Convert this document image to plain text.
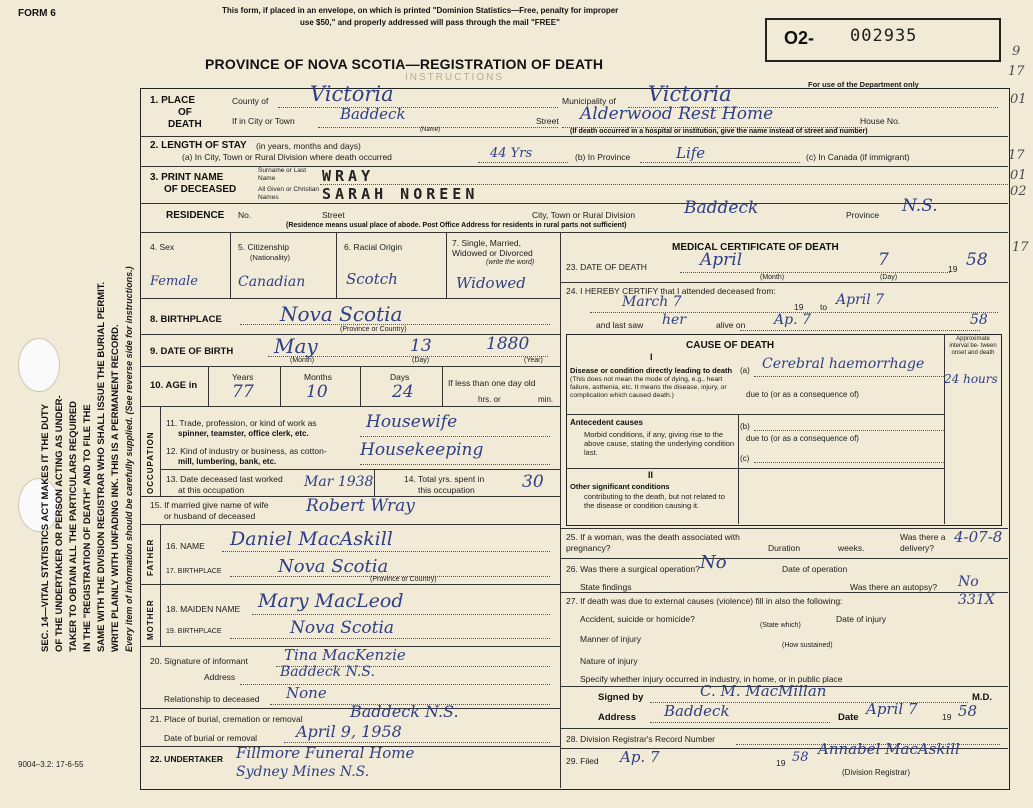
SEC. 14—VITAL STATISTICS ACT MAKES IT THE DUTY OF THE UNDERTAKER OR PERSON ACTING AS UNDER- TAKER TO OBTAIN ALL THE PARTICULARS REQUIRED IN THE "REGISTRATION OF DEATH" AND TO FILE THE SAME WITH THE DIVISION REGISTRAR WHO SHALL ISSUE THE BURIAL PERMIT. WRITE PLAINLY WITH UNFADING INK. THIS IS A PERMANENT RECORD. Every item of information should be carefully supplied. (See reverse side for instructions.)
FORM 6	This form, if placed in an envelope, on which is printed "Dominion Statistics—Free, penalty for improper
use $50," and properly addressed will pass through the mail "FREE"
PROVINCE OF NOVA SCOTIA—REGISTRATION OF DEATH
INSTRUCTIONS
O2- 002935
For use of the Department only
1. PLACE
OF
DEATH
County of Victoria	Municipality of Victoria
If in City or Town	Baddeck
(Name)
Street Alderwood Rest Home	House No.
(If death occurred in a hospital or institution, give the name instead of street and number)
2. LENGTH OF STAY (in years, months and days)
(a) In City, Town or Rural Division where death occurred	44 Yrs	(b) In Province	Life	(c) In Canada (if immigrant)
3. PRINT NAME
OF DECEASED
Surname or Last Name	WRAY
All Given or Christian Names	SARAH NOREEN
RESIDENCE No.	Street	City, Town or Rural Division	Baddeck	Province N.S.
(Residence means usual place of abode. Post Office Address for residents in rural parts not sufficient)
4. Sex
Female
5. Citizenship
(Nationality)
Canadian
6. Racial Origin
Scotch
7. Single, Married, Widowed or Divorced
(write the word)
Widowed
8. BIRTHPLACE	Nova Scotia
(Province or Country)
9. DATE OF BIRTH May	13	1880
(Month)	(Day)	(Year)
10. AGE in
Years	Months	Days
77	10	24	If less than one day old
hrs. or	min.
OCCUPATION
11. Trade, profession, or kind of work as
spinner, teamster, office clerk, etc.
Housewife
12. Kind of industry or business, as cotton-
mill, lumbering, bank, etc.
Housekeeping
13. Date deceased last worked
at this occupation	Mar 1938	14. Total yrs. spent in
this occupation	30
15. If married give name of wife
or husband of deceased	Robert Wray
FATHER 16. NAME Daniel MacAskill
17. BIRTHPLACE	Nova Scotia
(Province or Country)
MOTHER 18. MAIDEN NAME Mary MacLeod
19. BIRTHPLACE	Nova Scotia
20. Signature of informant Tina MacKenzie
Address	Baddeck N.S.
Relationship to deceased None
21. Place of burial, cremation or removal	Baddeck N.S.
Date of burial or removal April 9, 1958
22. UNDERTAKER Fillmore Funeral Home
Sydney Mines N.S.
9004–3.2: 17-6-55
MEDICAL CERTIFICATE OF DEATH
23. DATE OF DEATH	April	7	19 58
(Month)	(Day)
24. I HEREBY CERTIFY that I attended deceased from:
March 7	19 to April 7
and last saw her	alive on Ap. 7	58
CAUSE OF DEATH
Approximate interval be- tween onset and death
I
Disease or condition directly leading to death
(This does not mean the mode of dying, e.g., heart failure, asthenia, etc. It means the disease, injury, or complication which caused death.)
(a) Cerebral haemorrhage
24 hours
due to (or as a consequence of)
Antecedent causes
Morbid conditions, if any, giving rise to the above cause, stating the underlying condition last.
(b)
due to (or as a consequence of)
(c)
II
Other significant conditions
contributing to the death, but not related to the disease or condition causing it.
25. If a woman, was the death associated with pregnancy?	Duration	weeks.
Was there a delivery?
4-07-8
26. Was there a surgical operation? No	Date of operation
State findings	Was there an autopsy? No
27. If death was due to external causes (violence) fill in also the following:	331X
Accident, suicide or homicide?
(State which)
Date of injury
Manner of injury
(How sustained)
Nature of injury
Specify whether injury occurred in industry, in home, or in public place
Signed by	C. M. MacMillan	M.D.
Address Baddeck	Date April 7	19 58
28. Division Registrar's Record Number
29. Filed Ap. 7	19 58 Annabel MacAskill
(Division Registrar)
9
17
01
17
01
02
17
